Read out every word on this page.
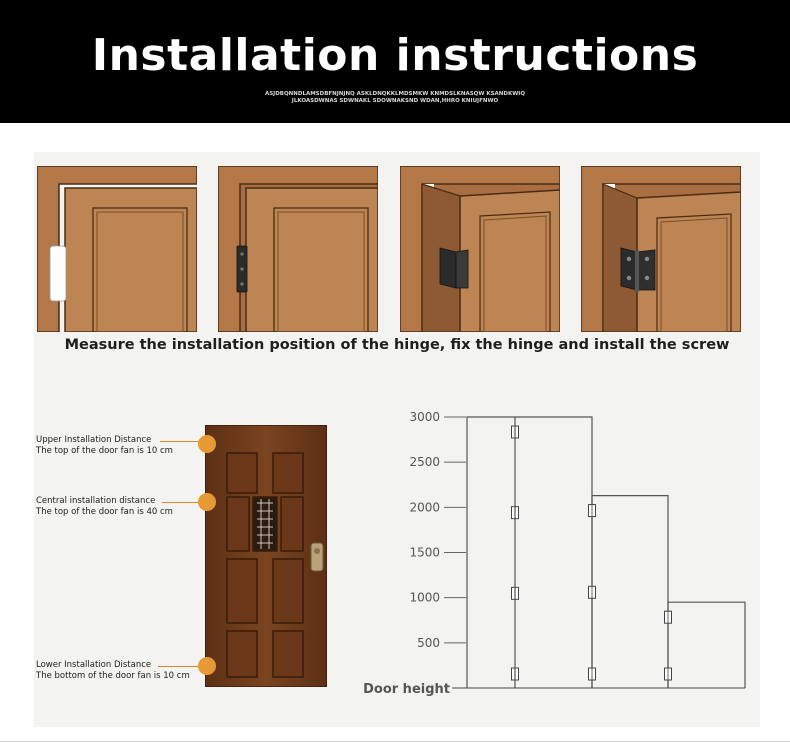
Installation instructions
ASJDBQNNDLAMSDBFNJNJNQ ASKLDNQKKLMDSMKW KNMDSLKNASQW KSANDKWIQ
JLKOASDWNAS SDWNAKL SDOWNAKSND WDAN,HHRO KNIUJFNWO
Measure the installation position of the hinge, fix the hinge and install the screw
Upper Installation Distance
The top of the door fan is 10 cm
Central installation distance
The top of the door fan is 40 cm
Lower Installation Distance
The bottom of the door fan is 10 cm
3000
2500
2000
1500
1000
500
Door height
